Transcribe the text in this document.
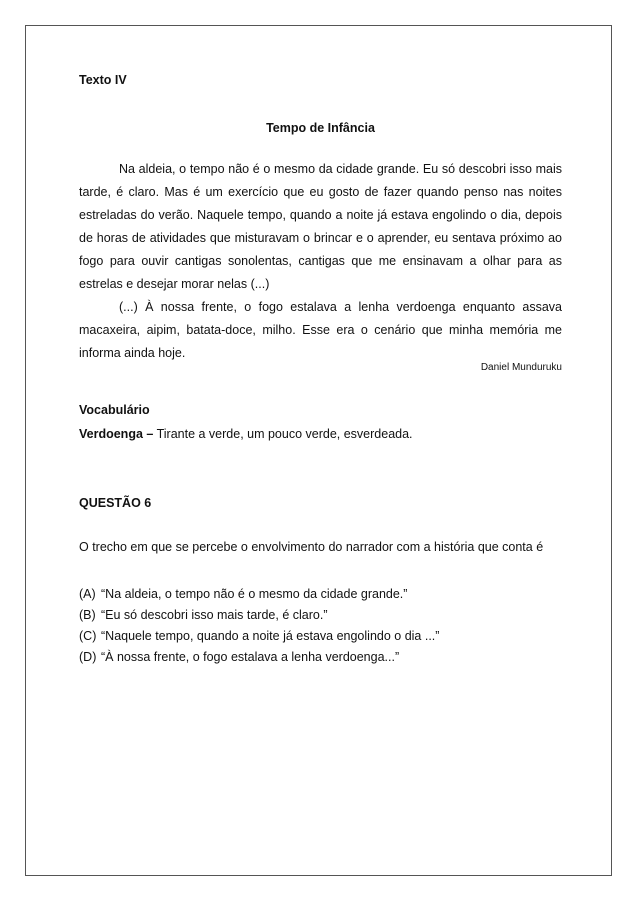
Texto IV
Tempo de Infância

Na aldeia, o tempo não é o mesmo da cidade grande. Eu só descobri isso mais tarde, é claro. Mas é um exercício que eu gosto de fazer quando penso nas noites estreladas do verão. Naquele tempo, quando a noite já estava engolindo o dia, depois de horas de atividades que misturavam o brincar e o aprender, eu sentava próximo ao fogo para ouvir cantigas sonolentas, cantigas que me ensinavam a olhar para as estrelas e desejar morar nelas (...)

(...) À nossa frente, o fogo estalava a lenha verdoenga enquanto assava macaxeira, aipim, batata-doce, milho. Esse era o cenário que minha memória me informa ainda hoje.

Daniel Munduruku
Vocabulário
Verdoenga – Tirante a verde, um pouco verde, esverdeada.
QUESTÃO 6
O trecho em que se percebe o envolvimento do narrador com a história que conta é
(A) “Na aldeia, o tempo não é o mesmo da cidade grande.”
(B) “Eu só descobri isso mais tarde, é claro.”
(C) “Naquele tempo, quando a noite já estava engolindo o dia ...”
(D) “À nossa frente, o fogo estalava a lenha verdoenga...”
